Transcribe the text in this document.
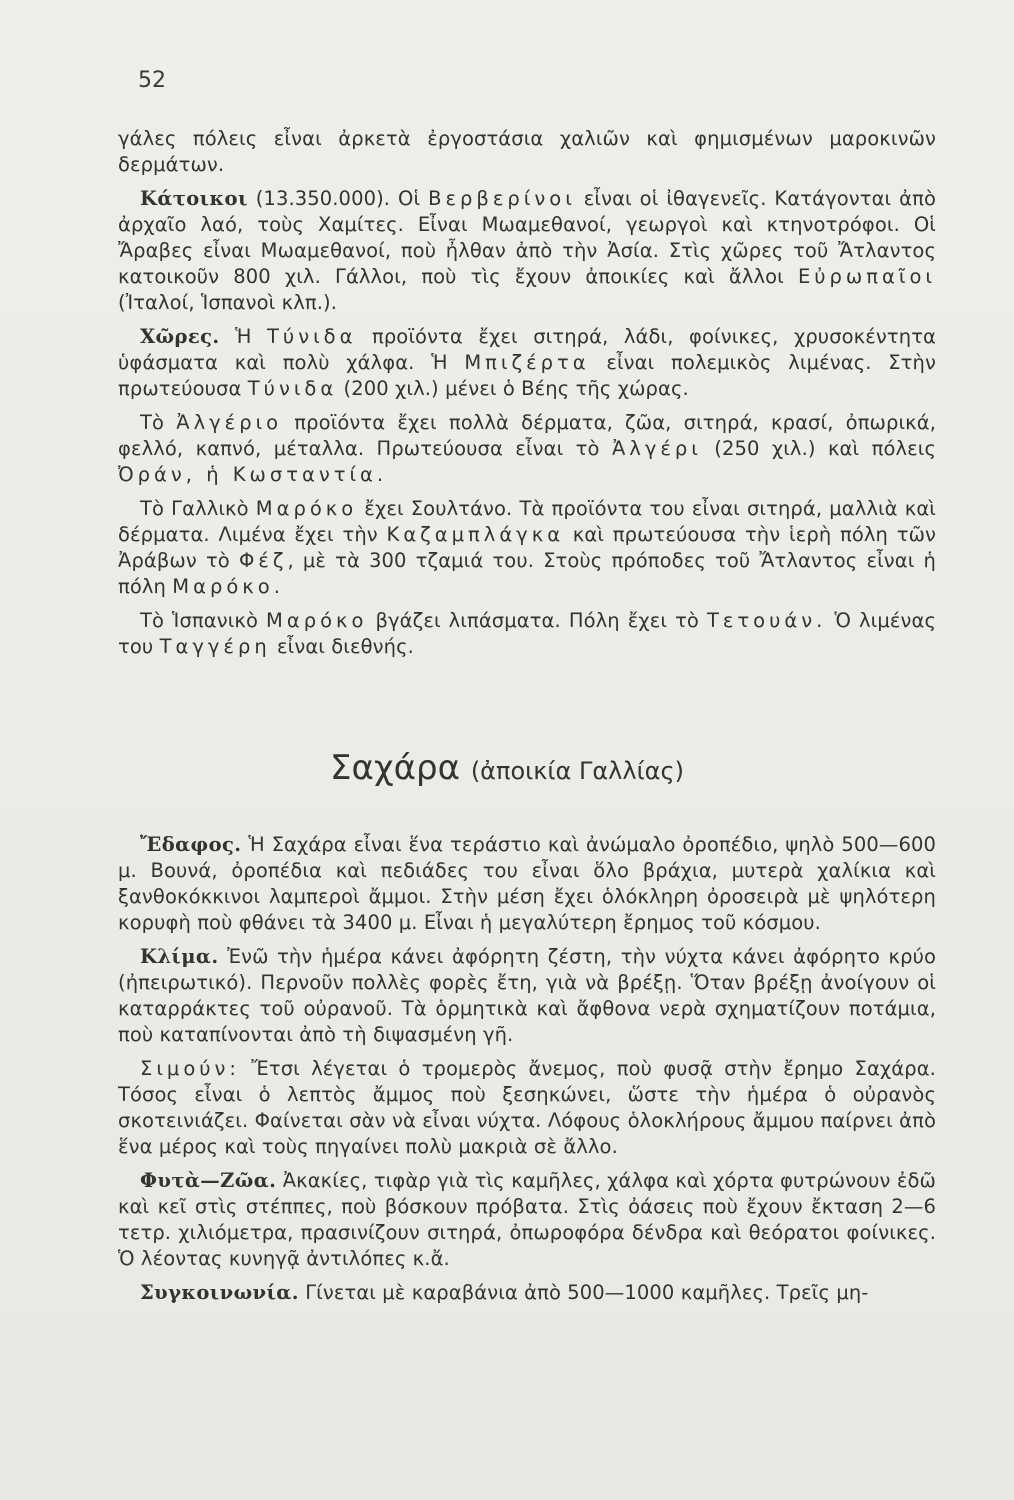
52

γάλες πόλεις εἶναι ἀρκετὰ ἐργοστάσια χαλιῶν καὶ φημισμένων μαροκινῶν δερμάτων.

Κάτοικοι (13.350.000). Οἱ Βερβερίνοι εἶναι οἱ ἰθαγενεῖς. Κατάγονται ἀπὸ ἀρχαῖο λαό, τοὺς Χαμίτες. Εἶναι Μωαμεθανοί, γεωργοὶ καὶ κτηνοτρόφοι. Οἱ Ἄραβες εἶναι Μωαμεθανοί, ποὺ ἦλθαν ἀπὸ τὴν Ἀσία. Στὶς χῶρες τοῦ Ἄτλαντος κατοικοῦν 800 χιλ. Γάλλοι, ποὺ τὶς ἔχουν ἀποικίες καὶ ἄλλοι Εὐρωπαῖοι (Ἰταλοί, Ἱσπανοὶ κλπ.).

Χῶρες. Ἡ Τύνιδα προϊόντα ἔχει σιτηρά, λάδι, φοίνικες, χρυσοκέντητα ὑφάσματα καὶ πολὺ χάλφα. Ἡ Μπιζέρτα εἶναι πολεμικὸς λιμένας. Στὴν πρωτεύουσα Τύνιδα (200 χιλ.) μένει ὁ Βέης τῆς χώρας.

Τὸ Ἀλγέριο προϊόντα ἔχει πολλὰ δέρματα, ζῶα, σιτηρά, κρασί, ὀπωρικά, φελλό, καπνό, μέταλλα. Πρωτεύουσα εἶναι τὸ Ἀλγέρι (250 χιλ.) καὶ πόλεις Ὀράν, ἡ Κωσταντία.

Τὸ Γαλλικὸ Μαρόκο ἔχει Σουλτάνο. Τὰ προϊόντα του εἶναι σιτηρά, μαλλιὰ καὶ δέρματα. Λιμένα ἔχει τὴν Καζαμπλάγκα καὶ πρωτεύουσα τὴν ἱερὴ πόλη τῶν Ἀράβων τὸ Φέζ, μὲ τὰ 300 τζαμιά του. Στοὺς πρόποδες τοῦ Ἄτλαντος εἶναι ἡ πόλη Μαρόκο.

Τὸ Ἱσπανικὸ Μαρόκο βγάζει λιπάσματα. Πόλη ἔχει τὸ Τετουάν. Ὁ λιμένας του Ταγγέρη εἶναι διεθνής.

Σαχάρα (ἀποικία Γαλλίας)

Ἔδαφος. Ἡ Σαχάρα εἶναι ἕνα τεράστιο καὶ ἀνώμαλο ὀροπέδιο, ψηλὸ 500—600 μ. Βουνά, ὀροπέδια καὶ πεδιάδες του εἶναι ὅλο βράχια, μυτερὰ χαλίκια καὶ ξανθοκόκκινοι λαμπεροὶ ἄμμοι. Στὴν μέση ἔχει ὁλόκληρη ὀροσειρὰ μὲ ψηλότερη κορυφὴ ποὺ φθάνει τὰ 3400 μ. Εἶναι ἡ μεγαλύτερη ἔρημος τοῦ κόσμου.

Κλίμα. Ἐνῶ τὴν ἡμέρα κάνει ἀφόρητη ζέστη, τὴν νύχτα κάνει ἀφόρητο κρύο (ἠπειρωτικό). Περνοῦν πολλὲς φορὲς ἔτη, γιὰ νὰ βρέξῃ. Ὅταν βρέξῃ ἀνοίγουν οἱ καταρράκτες τοῦ οὐρανοῦ. Τὰ ὁρμητικὰ καὶ ἄφθονα νερὰ σχηματίζουν ποτάμια, ποὺ καταπίνονται ἀπὸ τὴ διψασμένη γῆ.

Σιμούν: Ἔτσι λέγεται ὁ τρομερὸς ἄνεμος, ποὺ φυσᾷ στὴν ἔρημο Σαχάρα. Τόσος εἶναι ὁ λεπτὸς ἄμμος ποὺ ξεσηκώνει, ὥστε τὴν ἡμέρα ὁ οὐρανὸς σκοτεινιάζει. Φαίνεται σὰν νὰ εἶναι νύχτα. Λόφους ὁλοκλήρους ἄμμου παίρνει ἀπὸ ἕνα μέρος καὶ τοὺς πηγαίνει πολὺ μακριὰ σὲ ἄλλο.

Φυτὰ—Ζῶα. Ἀκακίες, τιφὰρ γιὰ τὶς καμῆλες, χάλφα καὶ χόρτα φυτρώνουν ἐδῶ καὶ κεῖ στὶς στέππες, ποὺ βόσκουν πρόβατα. Στὶς ὀάσεις ποὺ ἔχουν ἔκταση 2—6 τετρ. χιλιόμετρα, πρασινίζουν σιτηρά, ὀπωροφόρα δένδρα καὶ θεόρατοι φοίνικες. Ὁ λέοντας κυνηγᾷ ἀντιλόπες κ.ἄ.

Συγκοινωνία. Γίνεται μὲ καραβάνια ἀπὸ 500—1000 καμῆλες. Τρεῖς μη-
